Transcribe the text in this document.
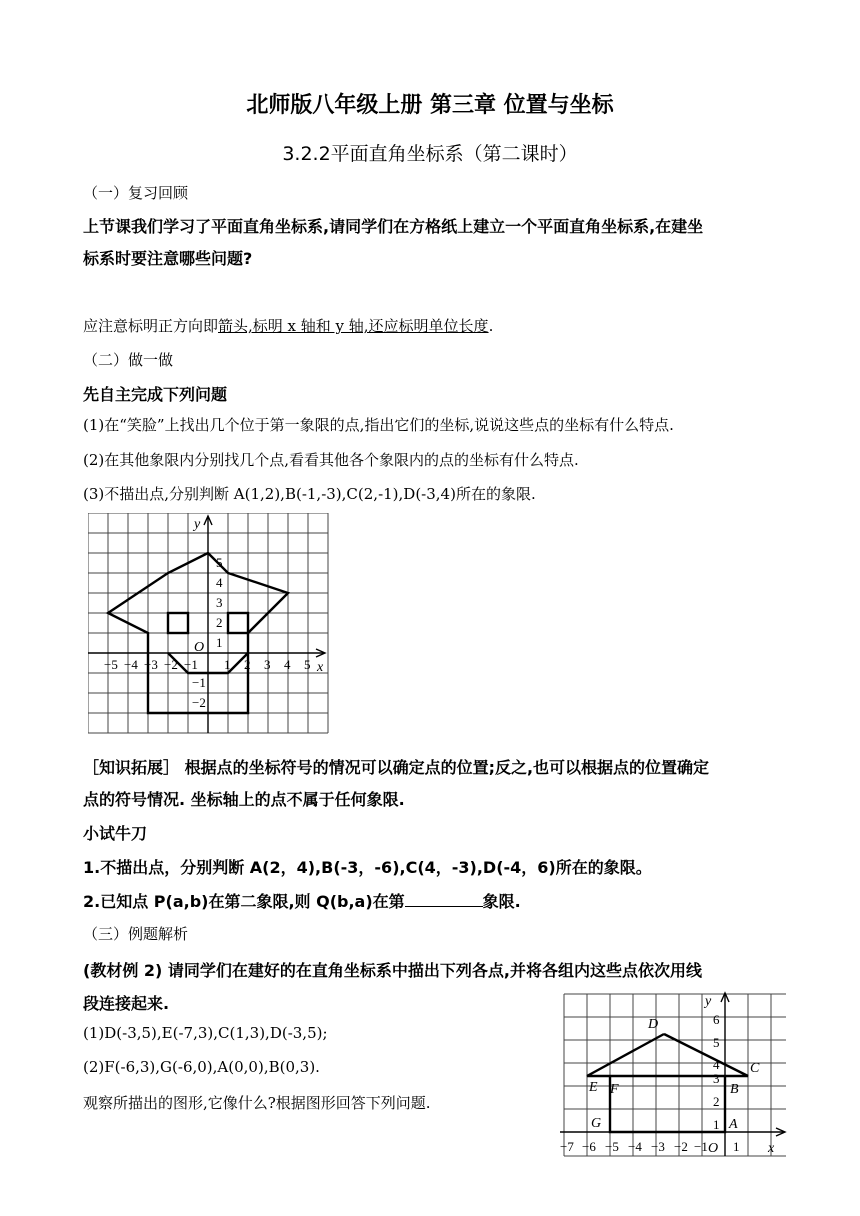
北师版八年级上册 第三章 位置与坐标
3.2.2平面直角坐标系（第二课时）
（一）复习回顾
上节课我们学习了平面直角坐标系,请同学们在方格纸上建立一个平面直角坐标系,在建坐
标系时要注意哪些问题?
应注意标明正方向即箭头,标明 x 轴和 y 轴,还应标明单位长度.
（二）做一做
先自主完成下列问题
(1)在“笑脸”上找出几个位于第一象限的点,指出它们的坐标,说说这些点的坐标有什么特点.
(2)在其他象限内分别找几个点,看看其他各个象限内的点的坐标有什么特点.
(3)不描出点,分别判断 A(1,2),B(-1,-3),C(2,-1),D(-3,4)所在的象限.
y
x
O
−5 −4 −3 −2 −1 1 2 3 4 5
5
4
3
2
1
−1
−2
［知识拓展］ 根据点的坐标符号的情况可以确定点的位置;反之,也可以根据点的位置确定
点的符号情况. 坐标轴上的点不属于任何象限.
小试牛刀
1.不描出点，分别判断 A(2，4),B(-3，-6),C(4，-3),D(-4，6)所在的象限。
2.已知点 P(a,b)在第二象限,则 Q(b,a)在第	象限.
（三）例题解析
(教材例 2) 请同学们在建好的在直角坐标系中描出下列各点,并将各组内这些点依次用线
段连接起来.
(1)D(-3,5),E(-7,3),C(1,3),D(-3,5);
(2)F(-6,3),G(-6,0),A(0,0),B(0,3).
观察所描出的图形,它像什么?根据图形回答下列问题.
D
E F
C
B
G	A
O
y
x
−7 −6 −5 −4 −3 −2 −1 1
1
2
3
4
5
6
